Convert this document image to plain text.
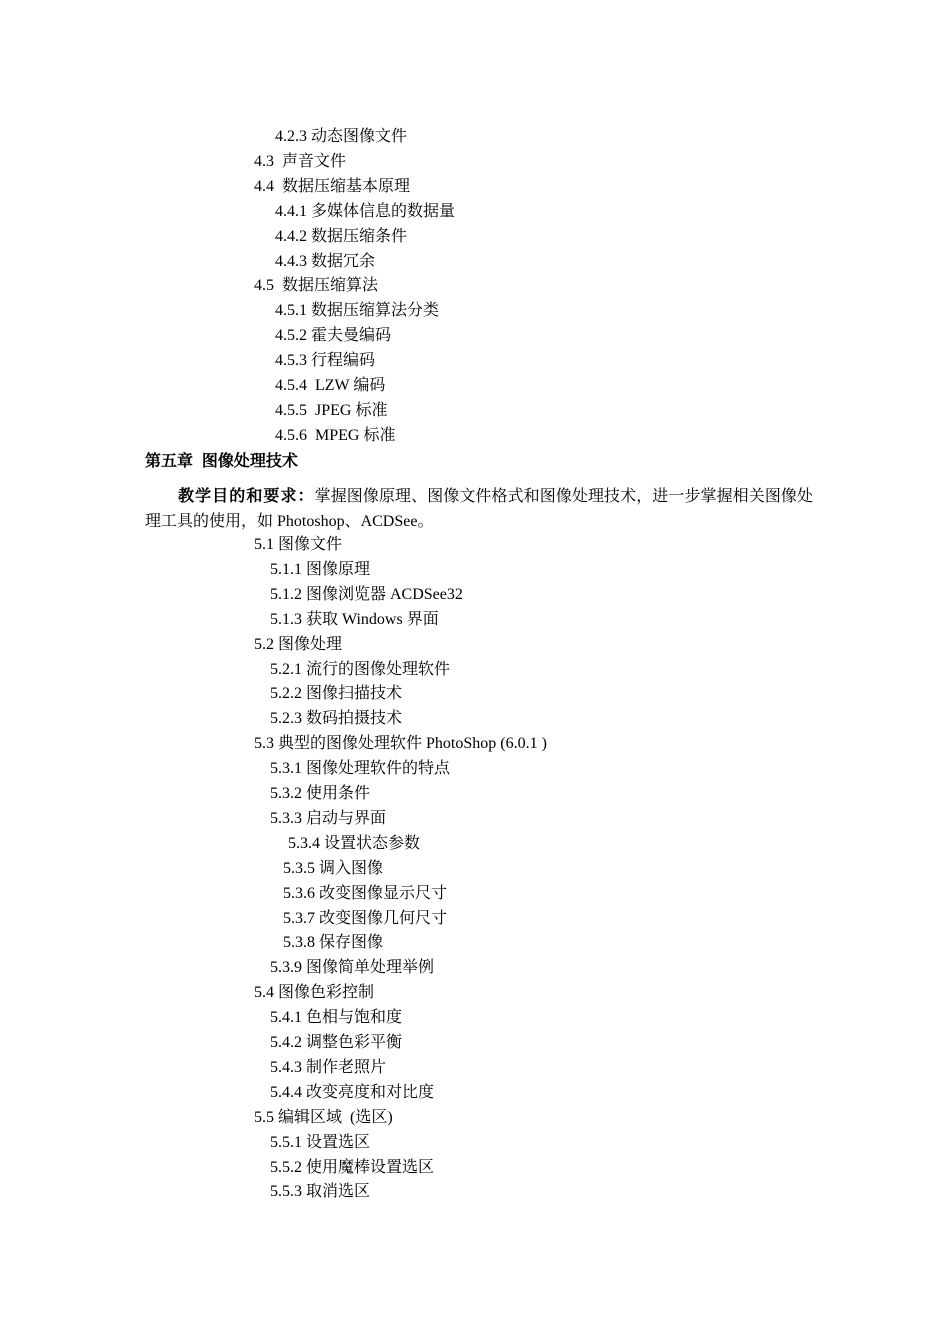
4.2.3 动态图像文件
4.3  声音文件
4.4  数据压缩基本原理
4.4.1 多媒体信息的数据量
4.4.2 数据压缩条件
4.4.3 数据冗余
4.5  数据压缩算法
4.5.1 数据压缩算法分类
4.5.2 霍夫曼编码
4.5.3 行程编码
4.5.4  LZW 编码
4.5.5  JPEG 标准
4.5.6  MPEG 标准
第五章  图像处理技术
教学目的和要求：掌握图像原理、图像文件格式和图像处理技术，进一步掌握相关图像处理工具的使用，如 Photoshop、ACDSee。
5.1 图像文件
5.1.1 图像原理
5.1.2 图像浏览器 ACDSee32
5.1.3 获取 Windows 界面
5.2 图像处理
5.2.1 流行的图像处理软件
5.2.2 图像扫描技术
5.2.3 数码拍摄技术
5.3 典型的图像处理软件 PhotoShop (6.0.1 )
5.3.1 图像处理软件的特点
5.3.2 使用条件
5.3.3 启动与界面
5.3.4 设置状态参数
5.3.5 调入图像
5.3.6 改变图像显示尺寸
5.3.7 改变图像几何尺寸
5.3.8 保存图像
5.3.9 图像简单处理举例
5.4 图像色彩控制
5.4.1 色相与饱和度
5.4.2 调整色彩平衡
5.4.3 制作老照片
5.4.4 改变亮度和对比度
5.5 编辑区域  (选区)
5.5.1 设置选区
5.5.2 使用魔棒设置选区
5.5.3 取消选区
